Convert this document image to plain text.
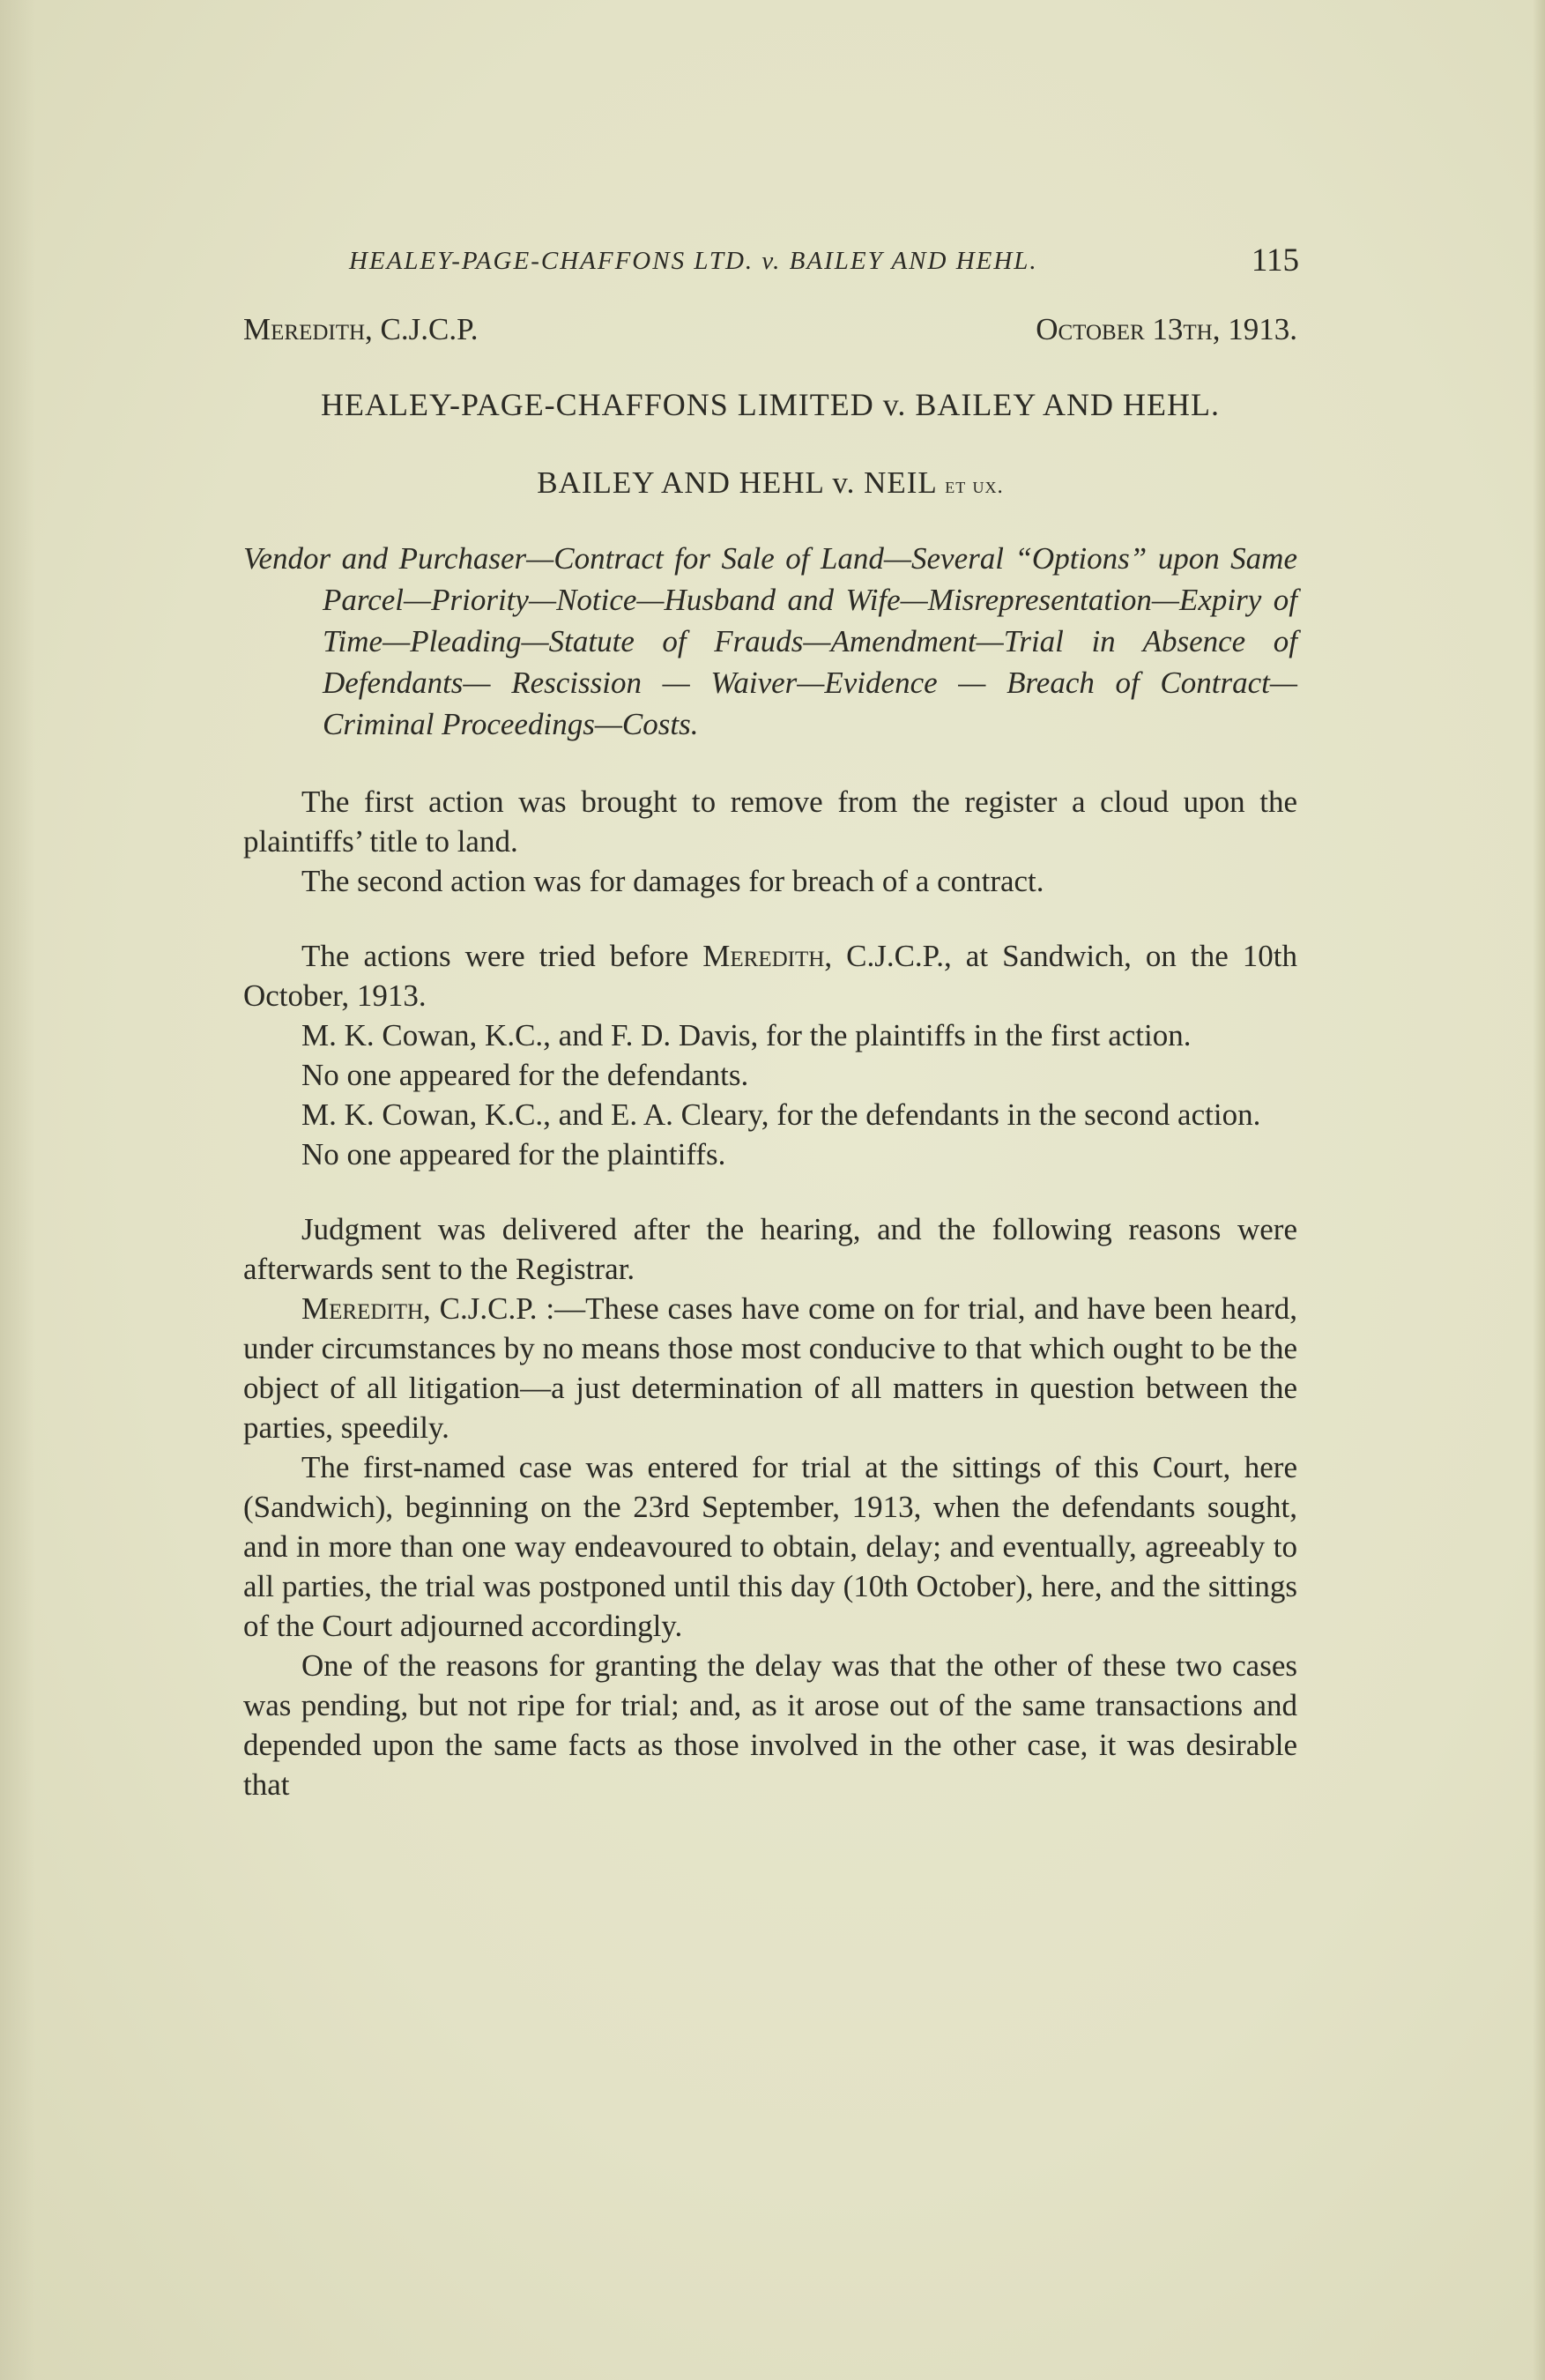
HEALEY-PAGE-CHAFFONS LTD. v. BAILEY AND HEHL.	115
Meredith, C.J.C.P.	October 13th, 1913.
HEALEY-PAGE-CHAFFONS LIMITED v. BAILEY AND HEHL.
BAILEY AND HEHL v. NEIL et ux.
Vendor and Purchaser—Contract for Sale of Land—Several “Options” upon Same Parcel—Priority—Notice—Husband and Wife—Misrepresentation—Expiry of Time—Pleading—Statute of Frauds—Amendment—Trial in Absence of Defendants— Rescission — Waiver—Evidence — Breach of Contract—Criminal Proceedings—Costs.

The first action was brought to remove from the register a cloud upon the plaintiffs’ title to land.

The second action was for damages for breach of a contract.

The actions were tried before Meredith, C.J.C.P., at Sandwich, on the 10th October, 1913.

M. K. Cowan, K.C., and F. D. Davis, for the plaintiffs in the first action.

No one appeared for the defendants.

M. K. Cowan, K.C., and E. A. Cleary, for the defendants in the second action.

No one appeared for the plaintiffs.

Judgment was delivered after the hearing, and the following reasons were afterwards sent to the Registrar.

Meredith, C.J.C.P. :—These cases have come on for trial, and have been heard, under circumstances by no means those most conducive to that which ought to be the object of all litigation—a just determination of all matters in question between the parties, speedily.

The first-named case was entered for trial at the sittings of this Court, here (Sandwich), beginning on the 23rd September, 1913, when the defendants sought, and in more than one way endeavoured to obtain, delay; and eventually, agreeably to all parties, the trial was postponed until this day (10th October), here, and the sittings of the Court adjourned accordingly.

One of the reasons for granting the delay was that the other of these two cases was pending, but not ripe for trial; and, as it arose out of the same transactions and depended upon the same facts as those involved in the other case, it was desirable that
